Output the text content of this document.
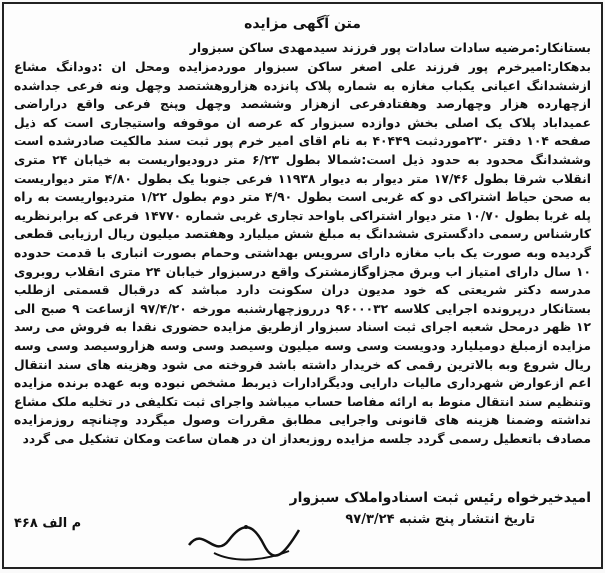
متن آگهی مزایده
بستانکار:مرضیه سادات سادات پور فرزند سیدمهدی ساکن سبزوار
بدهکار:امیرخرم پور فرزند علی اصغر ساکن سبزوار موردمزایده ومحل ان :دودانگ مشاع ازششدانگ اعیانی یکباب مغازه به شماره پلاک پانزده هزاروهشتصد وچهل ونه فرعی جداشده ازچهارده هزار وچهارصد وهفتادفرعی ازهزار وششصد وچهل وپنج فرعی واقع دراراضی عمیداباد پلاک یک اصلی بخش دوازده سبزوار که عرصه ان موقوفه واستیجاری است که ذیل صفحه ۱۰۴ دفتر ۲۳۰موردثبت ۴۰۴۴۹ به نام اقای امیر خرم پور ثبت سند مالکیت صادرشده است وششدانگ محدود به حدود ذیل است:شمالا بطول ۶/۲۳ متر درودیواریست به خیابان ۲۴ متری انقلاب شرقا بطول ۱۷/۴۶ متر دیوار به دیوار ۱۱۹۳۸ فرعی جنوبا یک بطول ۴/۸۰ متر دیواریست به صحن حیاط اشتراکی دو که غربی است بطول ۴/۹۰ متر دوم بطول ۱/۲۲ متردیواریست به راه پله غربا بطول ۱۰/۷۰ متر دیوار اشتراکی باواحد تجاری غربی شماره ۱۴۷۷۰ فرعی که برابرنظریه کارشناس رسمی دادگستری ششدانگ به مبلغ شش میلیارد وهفتصد میلیون ریال ارزیابی قطعی گردیده وبه صورت یک باب مغازه دارای سرویس بهداشتی وحمام بصورت انباری با قدمت حدوده ۱۰ سال دارای امتیاز اب وبرق مجزاوگازمشترک واقع درسبزوار خیابان ۲۴ متری انقلاب روبروی مدرسه دکتر شریعتی که خود مدیون دران سکونت دارد مباشد که درقبال قسمتی ازطلب بستانکار درپرونده اجرایی کلاسه ۹۶۰۰۰۳۲ درروزچهارشنبه مورخه ۹۷/۴/۲۰ ازساعت ۹ صبح الی ۱۲ ظهر درمحل شعبه اجرای ثبت اسناد سبزوار ازطریق مزایده حضوری نقدا به فروش می رسد مزایده ازمبلغ دومیلیارد ودویست وسی وسه میلیون وسیصد وسی وسه هزاروسیصد وسی وسه ریال شروع وبه بالاترین رقمی که خریدار داشته باشد فروخته می شود وهزینه های سند انتقال اعم ازعوارض شهرداری مالیات دارایی ودیگرادارات ذیربط مشخص نبوده وبه عهده برنده مزایده وتنظیم سند انتقال منوط به ارائه مفاصا حساب میباشد واجرای ثبت تکلیفی در تخلیه ملک مشاع نداشته وضمنا هزینه های قانونی واجرایی مطابق مقررات وصول میگردد وچنانچه روزمزایده مصادف باتعطیل رسمی گردد جلسه مزایده روزبعداز ان در همان ساعت ومکان تشکیل می گردد
امیدخیرخواه رئیس ثبت اسنادواملاک سبزوار
تاریخ انتشار پنج شنبه ۹۷/۳/۲۴
م الف ۴۶۸
